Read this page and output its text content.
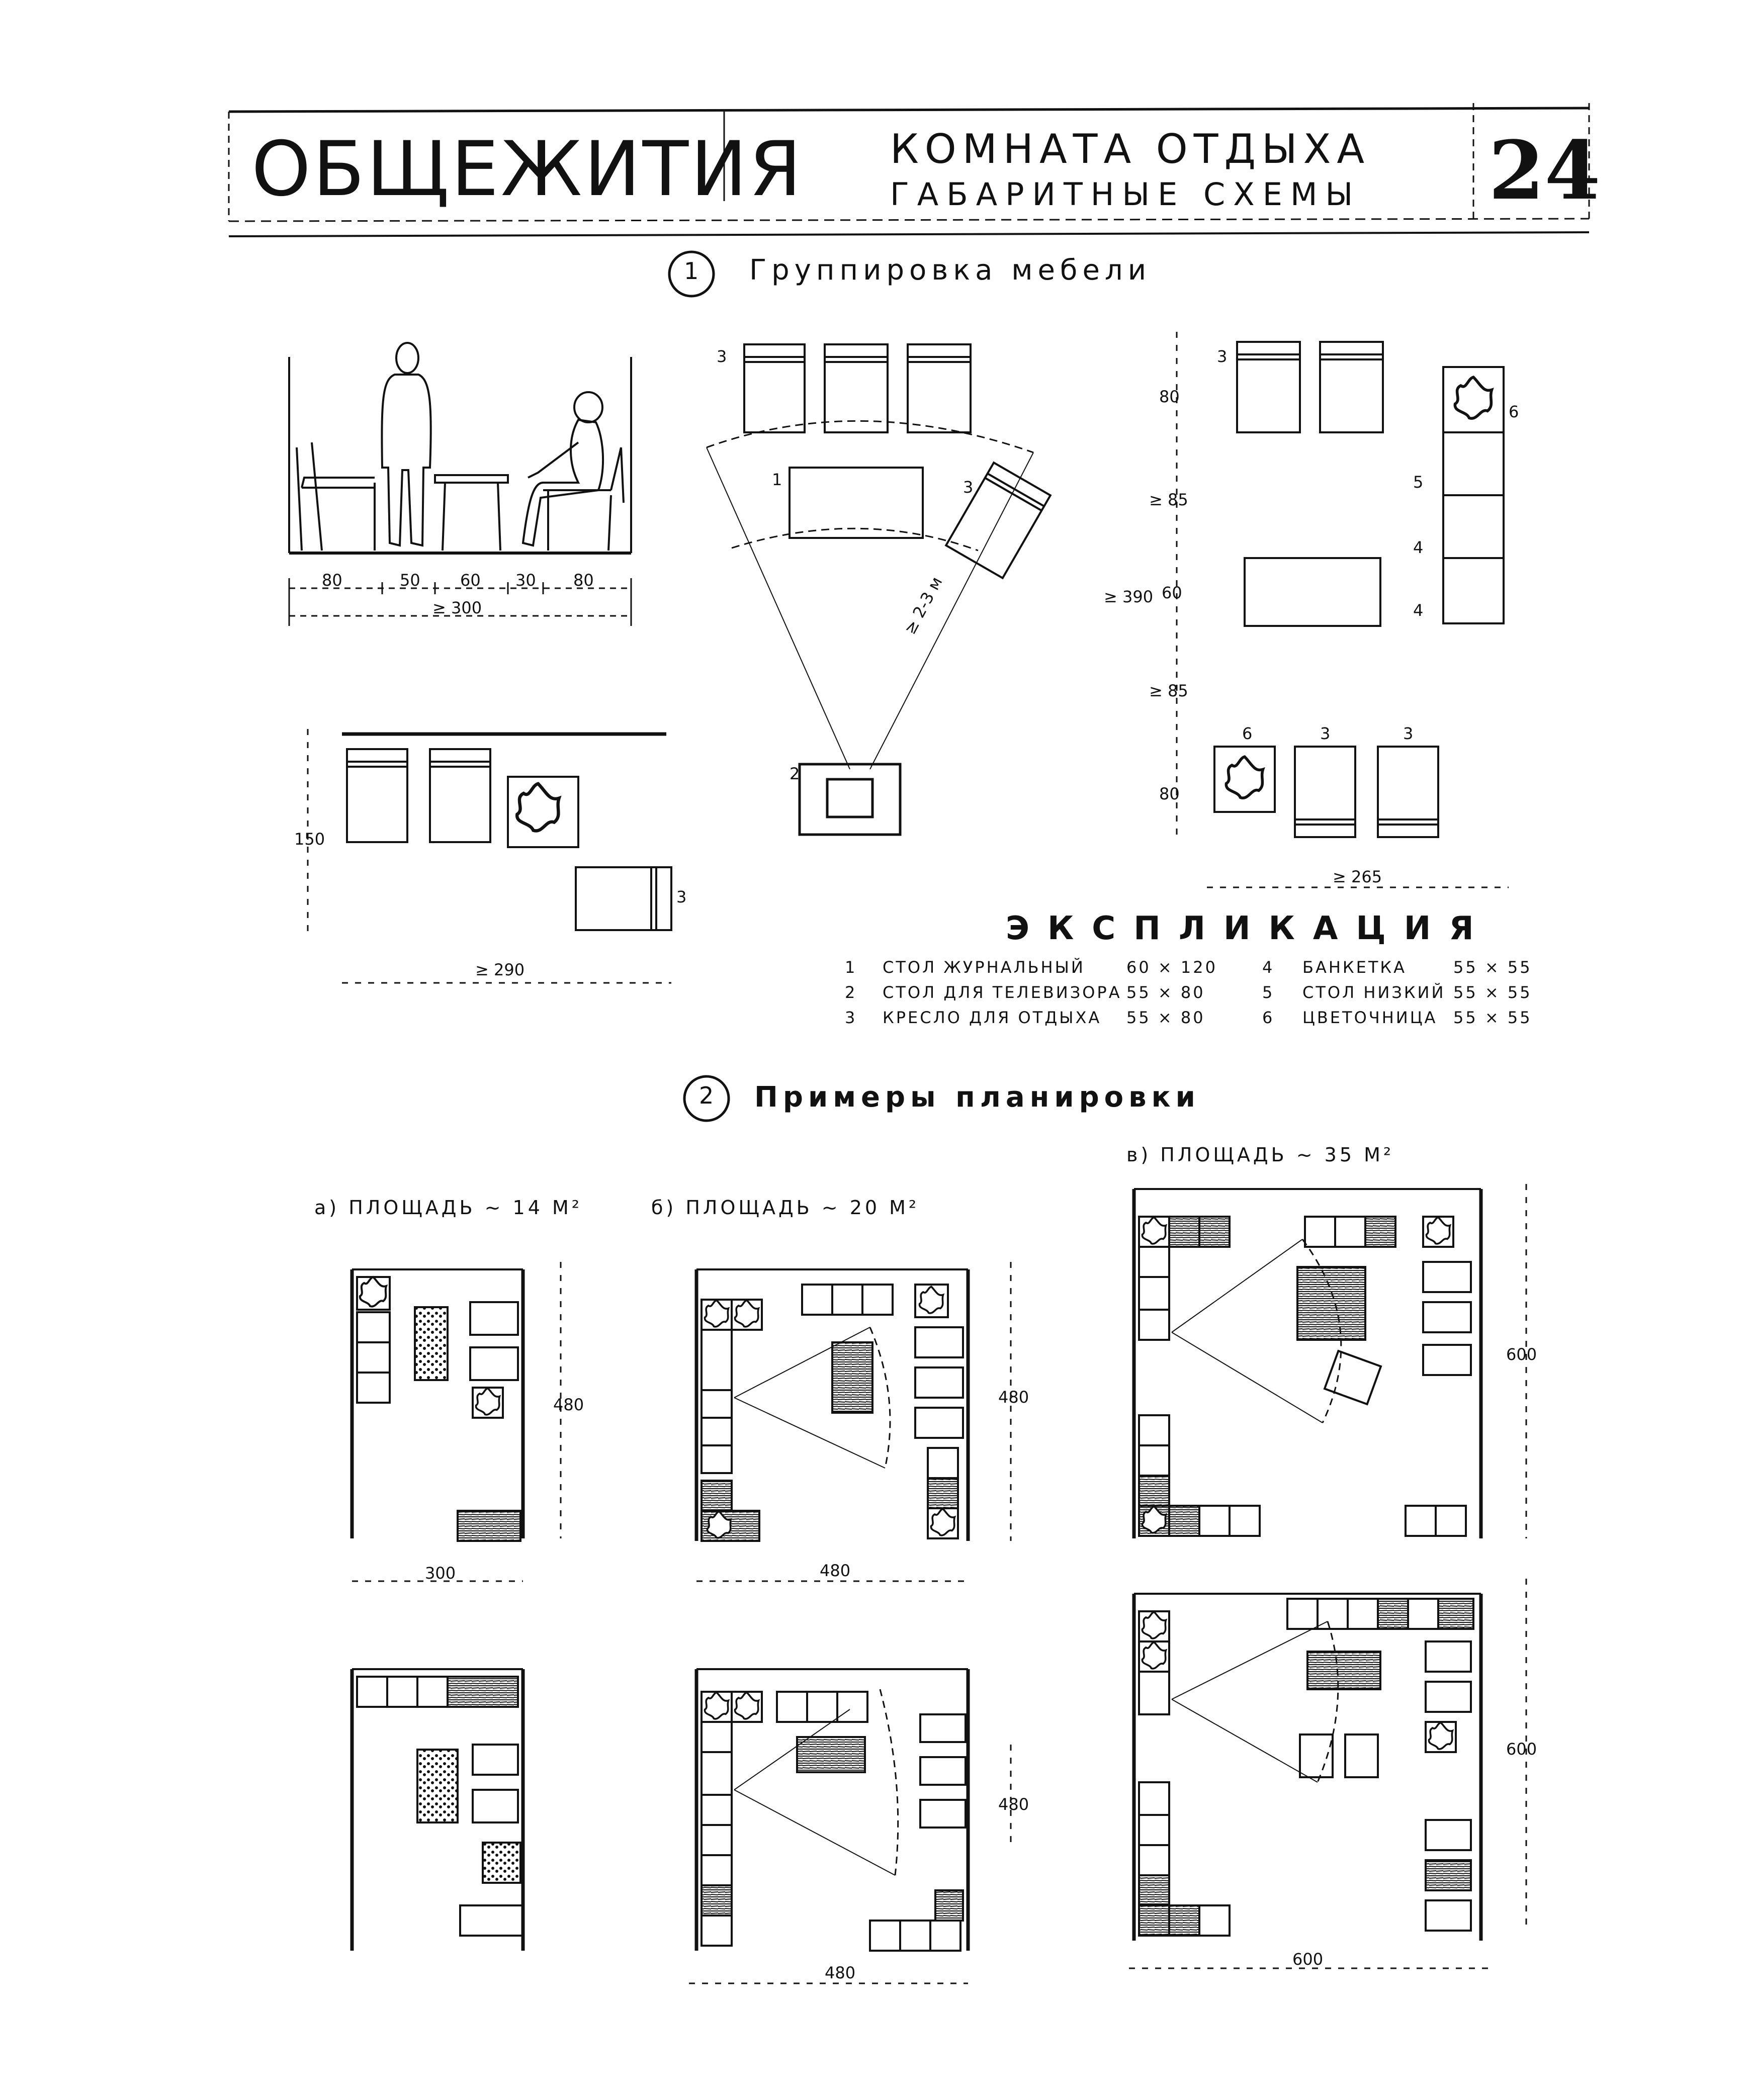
ОБЩЕЖИТИЯ КОМНАТА ОТДЫХА
ГАБАРИТНЫЕ СХЕМЫ 24
1 Группировка мебели
2 Примеры планировки
80	50 60 30 80
≥ 300
150
≥ 290
≥ 2-3 м
80
≥ 85
60
≥ 390
≥ 85
80
≥ 265
3
1	3
2
3
3
6
5
4
4
6	3	3
ЭКСПЛИКАЦИЯ
1 СТОЛ ЖУРНАЛЬНЫЙ	60 × 120
2 СТОЛ ДЛЯ ТЕЛЕВИЗОРА 55 × 80
3 КРЕСЛО ДЛЯ ОТДЫХА 55 × 80
4 БАНКЕТКА	55 × 55
5 СТОЛ НИЗКИЙ 55 × 55
6 ЦВЕТОЧНИЦА 55 × 55
а) ПЛОЩАДЬ ~ 14 М²	б) ПЛОЩАДЬ ~ 20 М²
в) ПЛОЩАДЬ ~ 35 М²
480
300
480
480
480
480
600
600
600
